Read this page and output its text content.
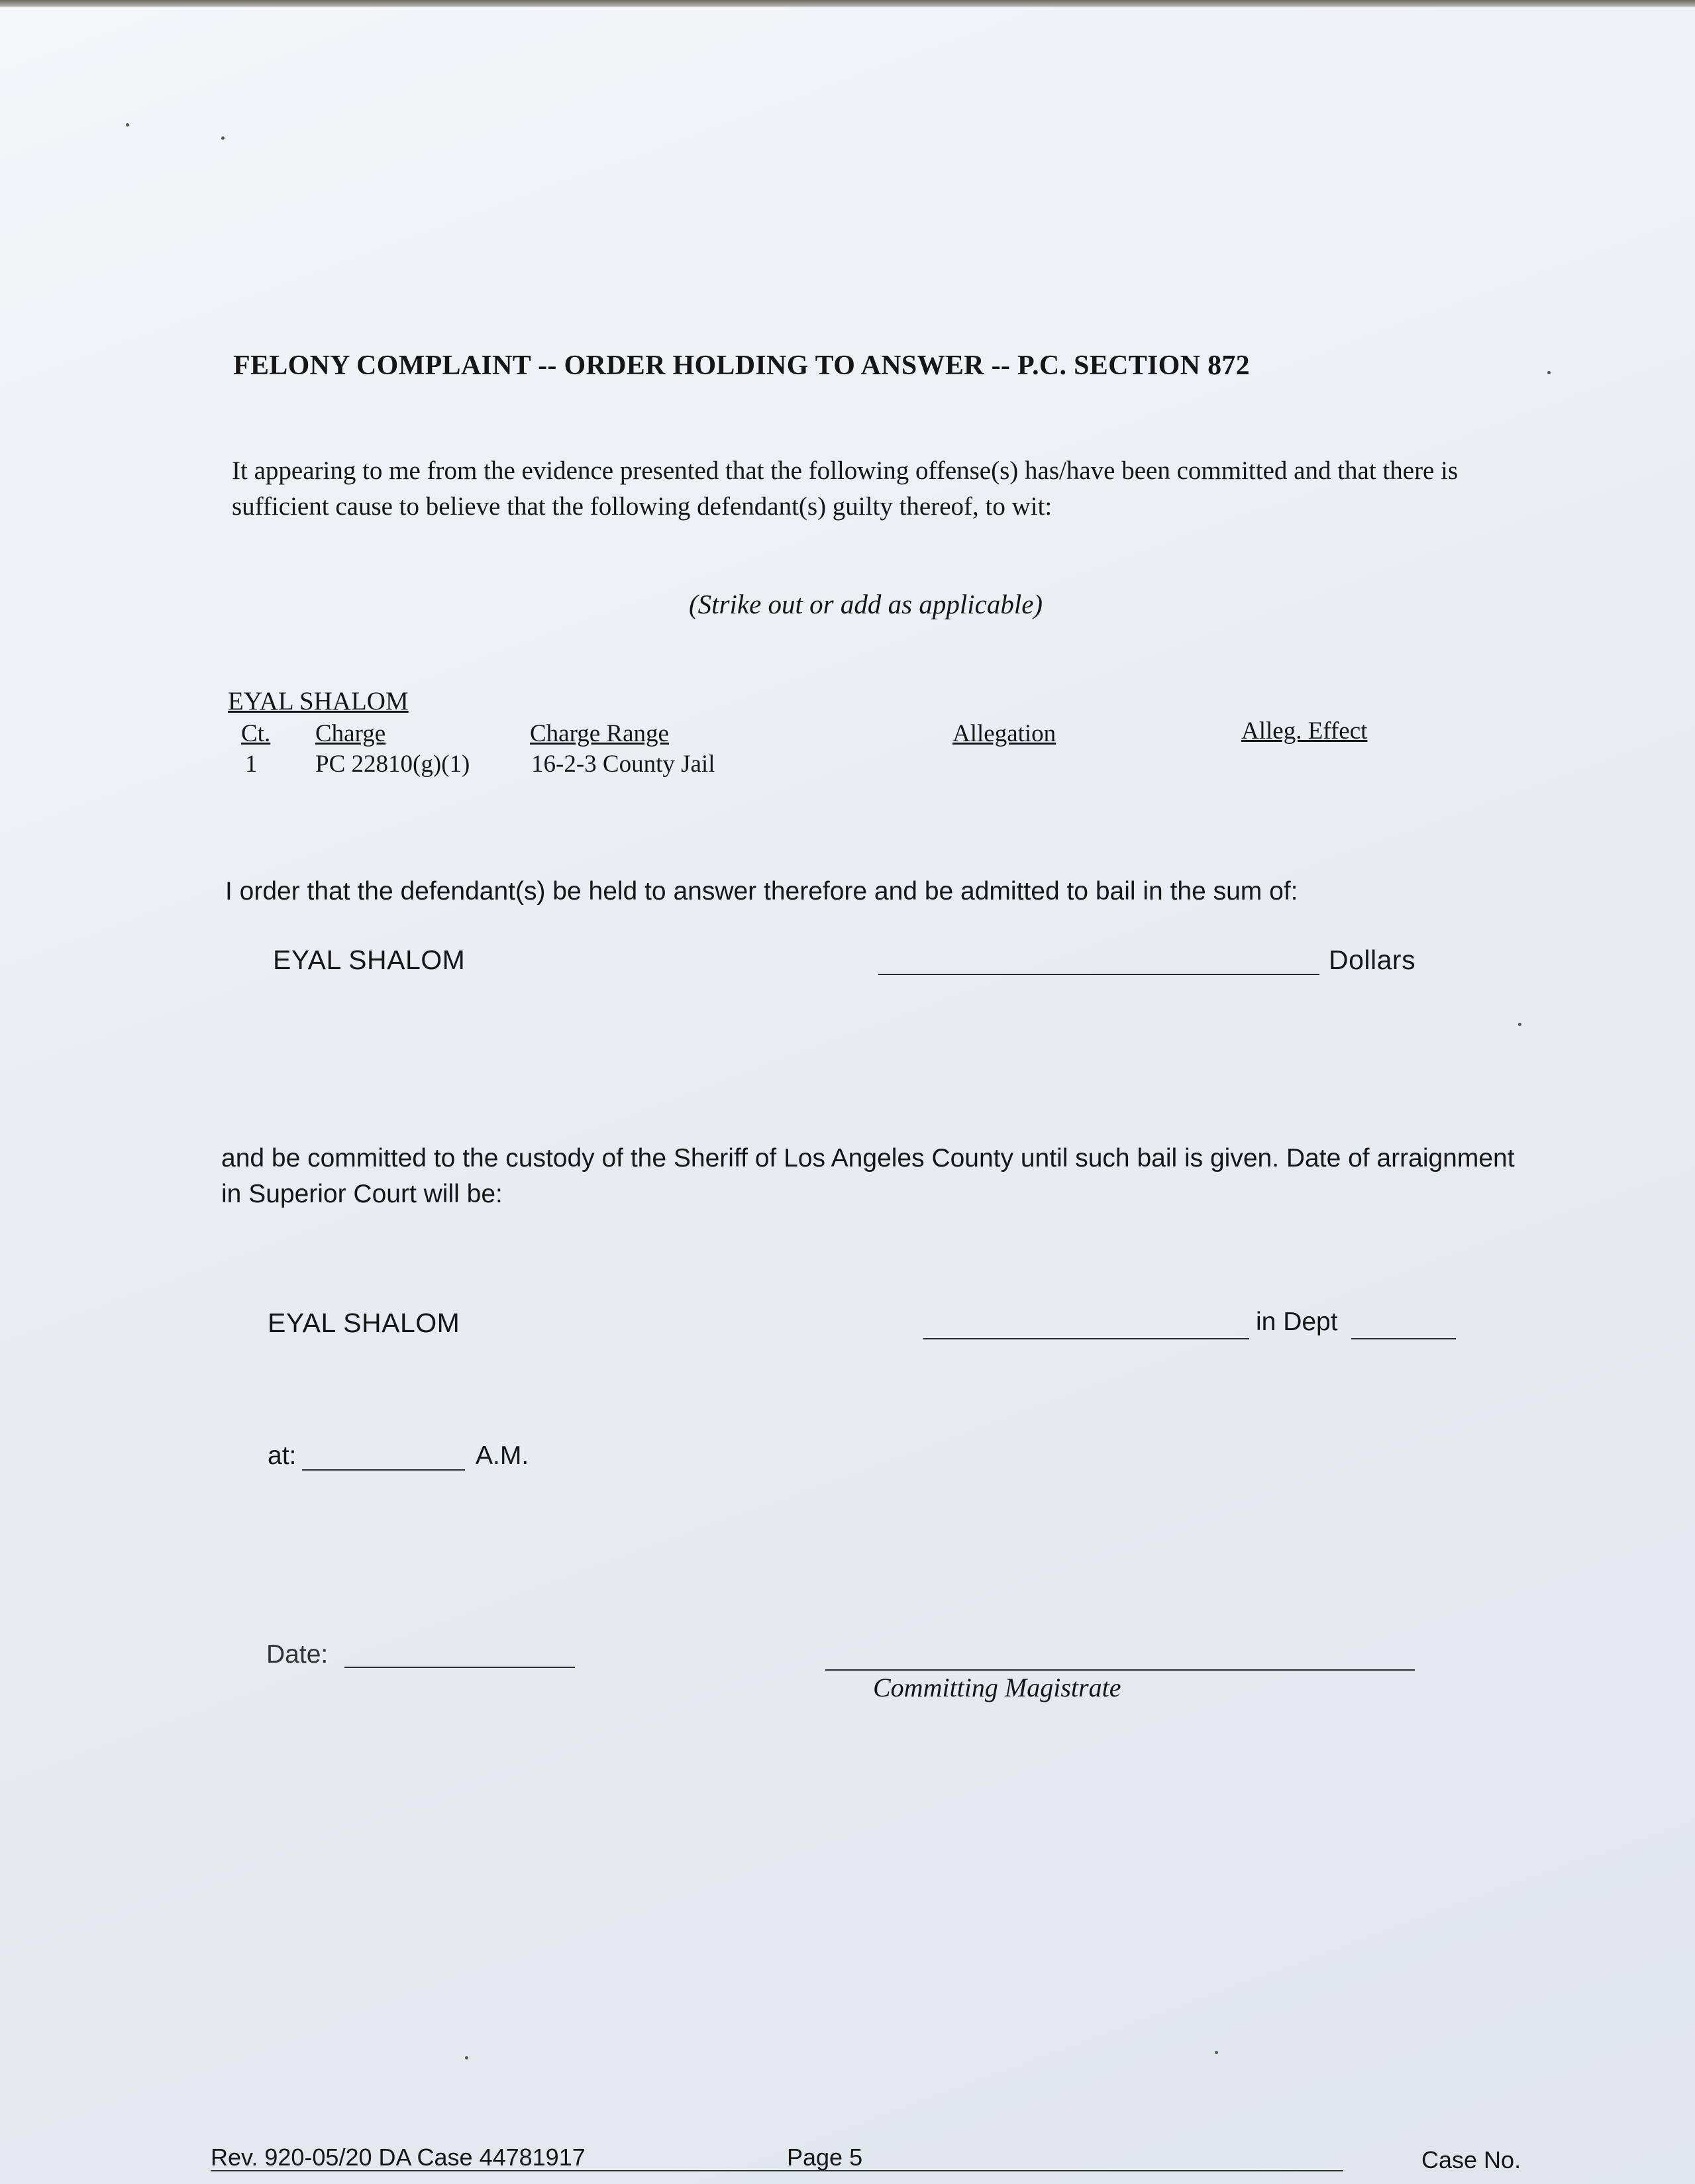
FELONY COMPLAINT -- ORDER HOLDING TO ANSWER -- P.C. SECTION 872
It appearing to me from the evidence presented that the following offense(s) has/have been committed and that there is sufficient cause to believe that the following defendant(s) guilty thereof, to wit:
(Strike out or add as applicable)
EYAL SHALOM
Ct. Charge	Charge Range	Allegation	Alleg. Effect
1 PC 22810(g)(1)	16-2-3 County Jail
I order that the defendant(s) be held to answer therefore and be admitted to bail in the sum of:
EYAL SHALOM	Dollars
and be committed to the custody of the Sheriff of Los Angeles County until such bail is given. Date of arraignment in Superior Court will be:
EYAL SHALOM	in Dept
at:	A.M.
Date:
Committing Magistrate
Rev. 920-05/20 DA Case 44781917	Page 5	Case No.
